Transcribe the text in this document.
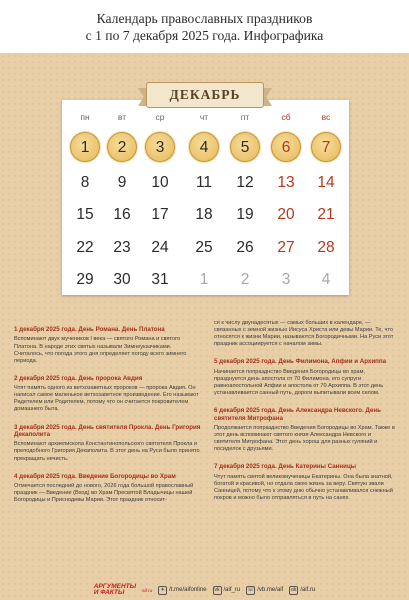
Календарь православных праздников
с 1 по 7 декабря 2025 года. Инфографика
ДЕКАБРЬ
пн	вт	ср	чт	пт	сб	вс
1	2	3	4	5	6	7
8	9	10	11	12	13	14
15	16	17	18	19	20	21
22	23	24	25	26	27	28
29	30	31	1	2	3	4
1 декабря 2025 года. День Романа. День Платона
Вспоминают двух мучеников I века — святого Романа и святого Платона. В народе этих святых называли Зимнеуказчиками. Считалось, что погода этого дня определяет погоду всего зимнего периода.
2 декабря 2025 года. День пророка Авдия
Чтят память одного из ветхозаветных пророков — пророка Авдия. Он написал самое маленькое ветхозаветное произведение. Его называют Радетелем или Родителем, потому что он считается покровителем домашнего быта.
3 декабря 2025 года. День святителя Прокла. День Григория Декаполита
Вспоминают архиепископа Константинопольского святителя Прокла и преподобного Григория Декаполита. В этот день на Руси было принято прекращать нечисть.
4 декабря 2025 года. Введение Богородицы во Храм
Отмечается последний до нового, 2026 года большой православный праздник — Введение (Вход) во Храм Пресвятой Владычицы нашей Богородицы и Приснодевы Марии. Этот праздник относит-
ся к числу двунадесятых — самых больших в календаре, — связанных с земной жизнью Иисуса Христа или девы Марии. Те, что относятся к жизни Марии, называются Богородичными. На Руси этот праздник ассоциируется с началом зимы.
5 декабря 2025 года. День Филимона, Апфии и Архиппа
Начинается попразднство Введения Богородицы во храм, празднуется день апостола от 70 Филимона, его супруги равноапостольной Апфии и апостола от 70 Архиппа. В этот день устанавливается санный путь, дороги выпитывали всем селом.
6 декабря 2025 года. День Александра Невского. День святителя Митрофана
Продолжается попразднство Введения Богородицы во Храм. Также в этот день вспоминают святого князя Александра Невского и святителя Митрофана. Этот день хорош для разных гуляний и посиделок с друзьями.
7 декабря 2025 года. День Катерины Санницы
Чтут память святой великомученицы Екатерины. Она была знатной, богатой и красивой, но отдала свою жизнь за веру. Святую звали Санницей, потому что к этому дню обычно устанавливался снежный покров и можно было отправляться в путь на санях.
АРГУМЕНТЫ
И ФАКТЫ	aif.ru	✈ /t.me/aifonline	vk /aif_ru ☏ /vb.me/aif	ok /aif.ru
